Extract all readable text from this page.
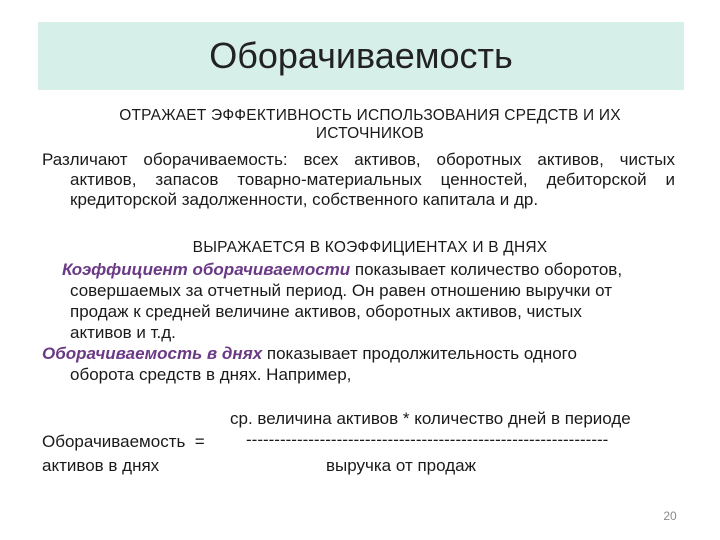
Оборачиваемость
ОТРАЖАЕТ ЭФФЕКТИВНОСТЬ ИСПОЛЬЗОВАНИЯ СРЕДСТВ И ИХ
ИСТОЧНИКОВ
Различают оборачиваемость: всех активов, оборотных активов, чистых
активов, запасов товарно-материальных ценностей, дебиторской и
кредиторской задолженности, собственного капитала и др.
ВЫРАЖАЕТСЯ В КОЭФФИЦИЕНТАХ И В ДНЯХ
Коэффициент оборачиваемости показывает количество оборотов,
совершаемых за отчетный период. Он равен отношению выручки от
продаж к средней величине активов, оборотных активов, чистых
активов и т.д.
Оборачиваемость в днях показывает продолжительность одного
оборота средств в днях. Например,
ср. величина активов * количество дней в периоде
Оборачиваемость  = ----------------------------------------------------------------
активов в днях	выручка от продаж
20
